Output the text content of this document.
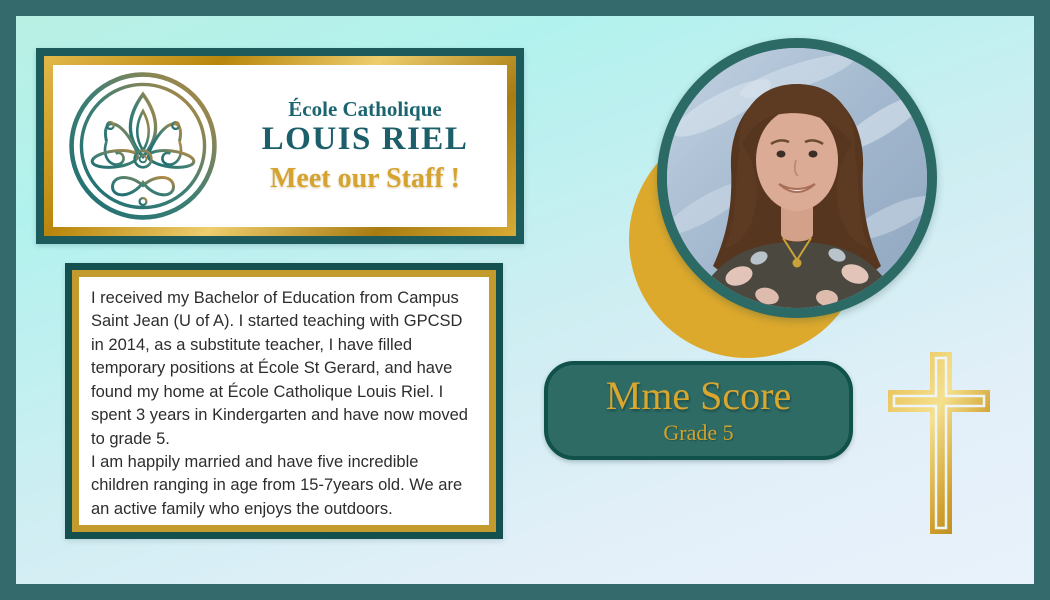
École Catholique
LOUIS RIEL
Meet our Staff !

I received my Bachelor of Education from Campus Saint Jean (U of A). I started teaching with GPCSD in 2014, as a substitute teacher, I have filled temporary positions at École St Gerard, and have found my home at École Catholique Louis Riel. I spent 3 years in Kindergarten and have now moved to grade 5.

I am happily married and have five incredible children ranging in age from 15-7years old. We are an active family who enjoys the outdoors.

Mme Score
Grade 5
